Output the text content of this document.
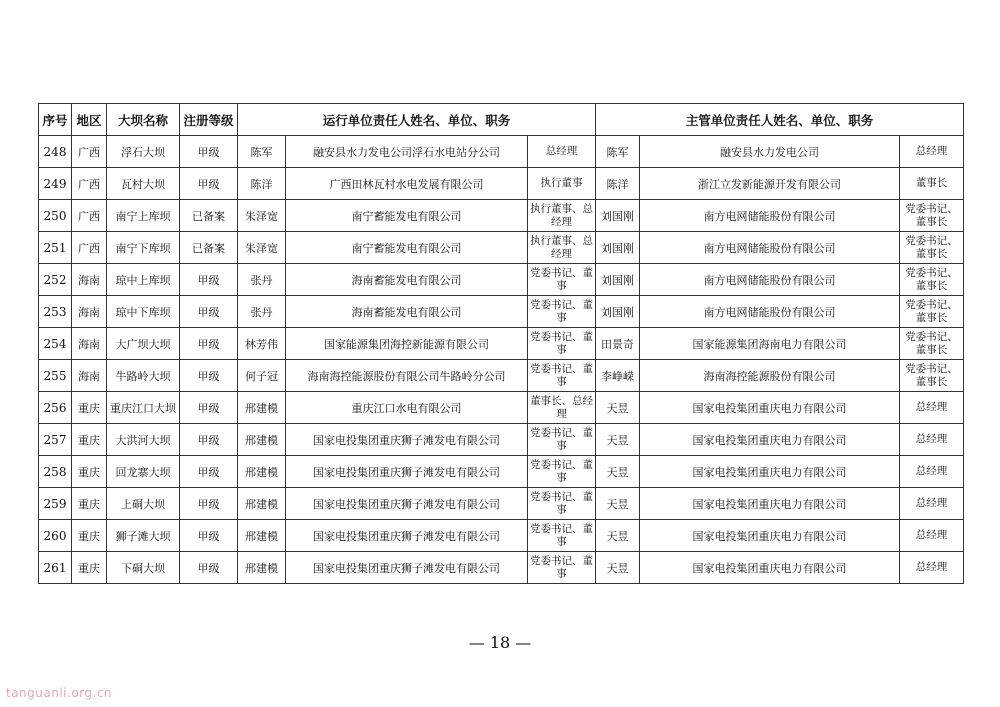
序号	地区	大坝名称	注册等级	运行单位责任人姓名、单位、职务			主管单位责任人姓名、单位、职务		
248	广西	浮石大坝	甲级	陈军	融安县水力发电公司浮石水电站分公司	总经理	陈军	融安县水力发电公司	总经理
249	广西	瓦村大坝	甲级	陈洋	广西田林瓦村水电发展有限公司	执行董事	陈洋	浙江立发新能源开发有限公司	董事长
250	广西	南宁上库坝	已备案	朱泽宽	南宁蓄能发电有限公司	执行董事、总经理	刘国刚	南方电网储能股份有限公司	党委书记、董事长
251	广西	南宁下库坝	已备案	朱泽宽	南宁蓄能发电有限公司	执行董事、总经理	刘国刚	南方电网储能股份有限公司	党委书记、董事长
252	海南	琼中上库坝	甲级	张丹	海南蓄能发电有限公司	党委书记、董事	刘国刚	南方电网储能股份有限公司	党委书记、董事长
253	海南	琼中下库坝	甲级	张丹	海南蓄能发电有限公司	党委书记、董事	刘国刚	南方电网储能股份有限公司	党委书记、董事长
254	海南	大广坝大坝	甲级	林芳伟	国家能源集团海控新能源有限公司	党委书记、董事	田景奇	国家能源集团海南电力有限公司	党委书记、董事长
255	海南	牛路岭大坝	甲级	何子冠	海南海控能源股份有限公司牛路岭分公司	党委书记、董事	李峥嵘	海南海控能源股份有限公司	党委书记、董事长
256	重庆	重庆江口大坝	甲级	邢建模	重庆江口水电有限公司	董事长、总经理	天昱	国家电投集团重庆电力有限公司	总经理
257	重庆	大洪河大坝	甲级	邢建模	国家电投集团重庆狮子滩发电有限公司	党委书记、董事	天昱	国家电投集团重庆电力有限公司	总经理
258	重庆	回龙寨大坝	甲级	邢建模	国家电投集团重庆狮子滩发电有限公司	党委书记、董事	天昱	国家电投集团重庆电力有限公司	总经理
259	重庆	上硐大坝	甲级	邢建模	国家电投集团重庆狮子滩发电有限公司	党委书记、董事	天昱	国家电投集团重庆电力有限公司	总经理
260	重庆	狮子滩大坝	甲级	邢建模	国家电投集团重庆狮子滩发电有限公司	党委书记、董事	天昱	国家电投集团重庆电力有限公司	总经理
261	重庆	下硐大坝	甲级	邢建模	国家电投集团重庆狮子滩发电有限公司	党委书记、董事	天昱	国家电投集团重庆电力有限公司	总经理
— 18 —
tanguanli.org.cn
